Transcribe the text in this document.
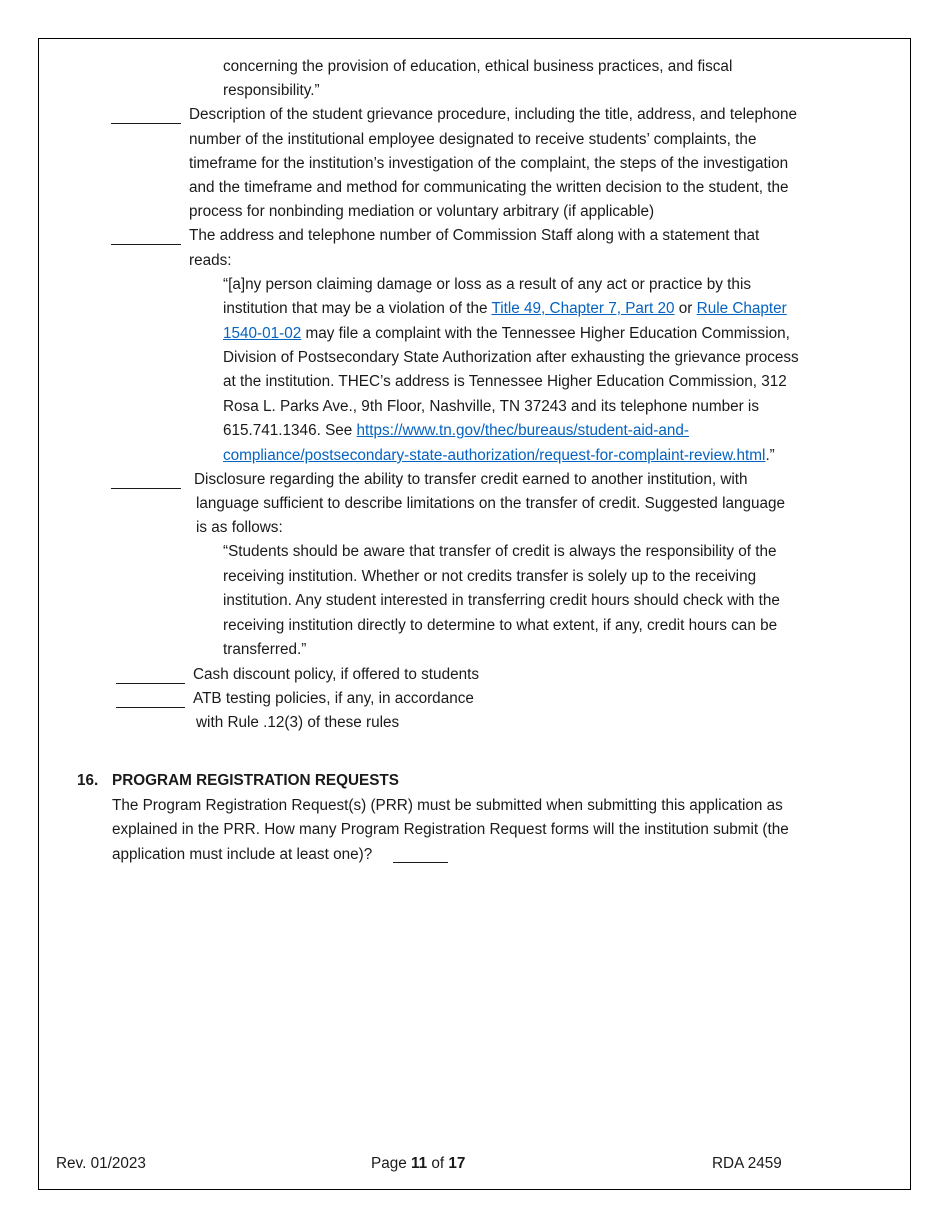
concerning the provision of education, ethical business practices, and fiscal
responsibility.”
Description of the student grievance procedure, including the title, address, and telephone
number of the institutional employee designated to receive students’ complaints, the
timeframe for the institution’s investigation of the complaint, the steps of the investigation
and the timeframe and method for communicating the written decision to the student, the
process for nonbinding mediation or voluntary arbitrary (if applicable)
The address and telephone number of Commission Staff along with a statement that
reads:
“[a]ny person claiming damage or loss as a result of any act or practice by this
institution that may be a violation of the Title 49, Chapter 7, Part 20 or Rule Chapter
1540-01-02 may file a complaint with the Tennessee Higher Education Commission,
Division of Postsecondary State Authorization after exhausting the grievance process
at the institution. THEC’s address is Tennessee Higher Education Commission, 312
Rosa L. Parks Ave., 9th Floor, Nashville, TN 37243 and its telephone number is
615.741.1346. See https://www.tn.gov/thec/bureaus/student-aid-and-
compliance/postsecondary-state-authorization/request-for-complaint-review.html.”
Disclosure regarding the ability to transfer credit earned to another institution, with
language sufficient to describe limitations on the transfer of credit. Suggested language
is as follows:
“Students should be aware that transfer of credit is always the responsibility of the
receiving institution. Whether or not credits transfer is solely up to the receiving
institution. Any student interested in transferring credit hours should check with the
receiving institution directly to determine to what extent, if any, credit hours can be
transferred.”
Cash discount policy, if offered to students
ATB testing policies, if any, in accordance
with Rule .12(3) of these rules
16. PROGRAM REGISTRATION REQUESTS
The Program Registration Request(s) (PRR) must be submitted when submitting this application as
explained in the PRR. How many Program Registration Request forms will the institution submit (the
application must include at least one)?
Rev. 01/2023	Page 11 of 17	RDA 2459
